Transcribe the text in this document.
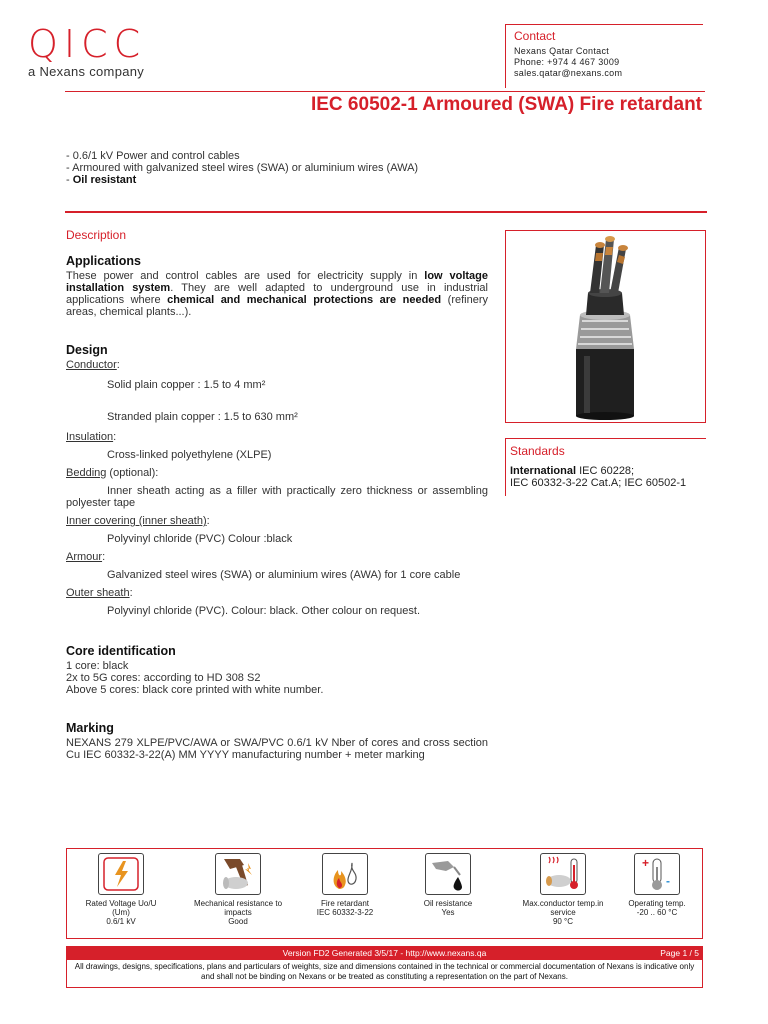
QICC
a Nexans company
Contact
Nexans Qatar Contact
Phone: +974 4 467 3009
sales.qatar@nexans.com
IEC 60502-1 Armoured (SWA) Fire retardant
- 0.6/1 kV Power and control cables
- Armoured with galvanized steel wires (SWA) or aluminium wires (AWA)
- Oil resistant
Description
Applications
These power and control cables are used for electricity supply in low voltage installation system. They are well adapted to underground use in industrial applications where chemical and mechanical protections are needed (refinery areas, chemical plants...).
Design
Conductor:
Solid plain copper : 1.5 to 4 mm²
Stranded plain copper : 1.5 to 630 mm²
Insulation:
Cross-linked polyethylene (XLPE)
Bedding (optional):
Inner sheath acting as a filler with practically zero thickness or assembling polyester tape
Inner covering (inner sheath):
Polyvinyl chloride (PVC) Colour :black
Armour:
Galvanized steel wires (SWA) or aluminium wires (AWA) for 1 core cable
Outer sheath:
Polyvinyl chloride (PVC). Colour: black. Other colour on request.
Core identification
1 core: black
2x to 5G cores: according to HD 308 S2
Above 5 cores: black core printed with white number.
Marking
NEXANS 279 XLPE/PVC/AWA or SWA/PVC 0.6/1 kV Nber of cores and cross section Cu IEC 60332-3-22(A) MM YYYY manufacturing number + meter marking
Standards
International IEC 60228;
IEC 60332-3-22 Cat.A; IEC 60502-1
Rated Voltage Uo/U
(Um)
0.6/1 kV
Mechanical resistance to
impacts
Good
Fire retardant
IEC 60332-3-22
Oil resistance
Yes
Max.conductor temp.in
service
90 °C
+
-
Operating temp.
-20 .. 60 °C
Version FD2 Generated 3/5/17 - http://www.nexans.qa	Page 1 / 5
All drawings, designs, specifications, plans and particulars of weights, size and dimensions contained in the technical or commercial documentation of Nexans is indicative only and shall not be binding on Nexans or be treated as constituting a representation on the part of Nexans.
